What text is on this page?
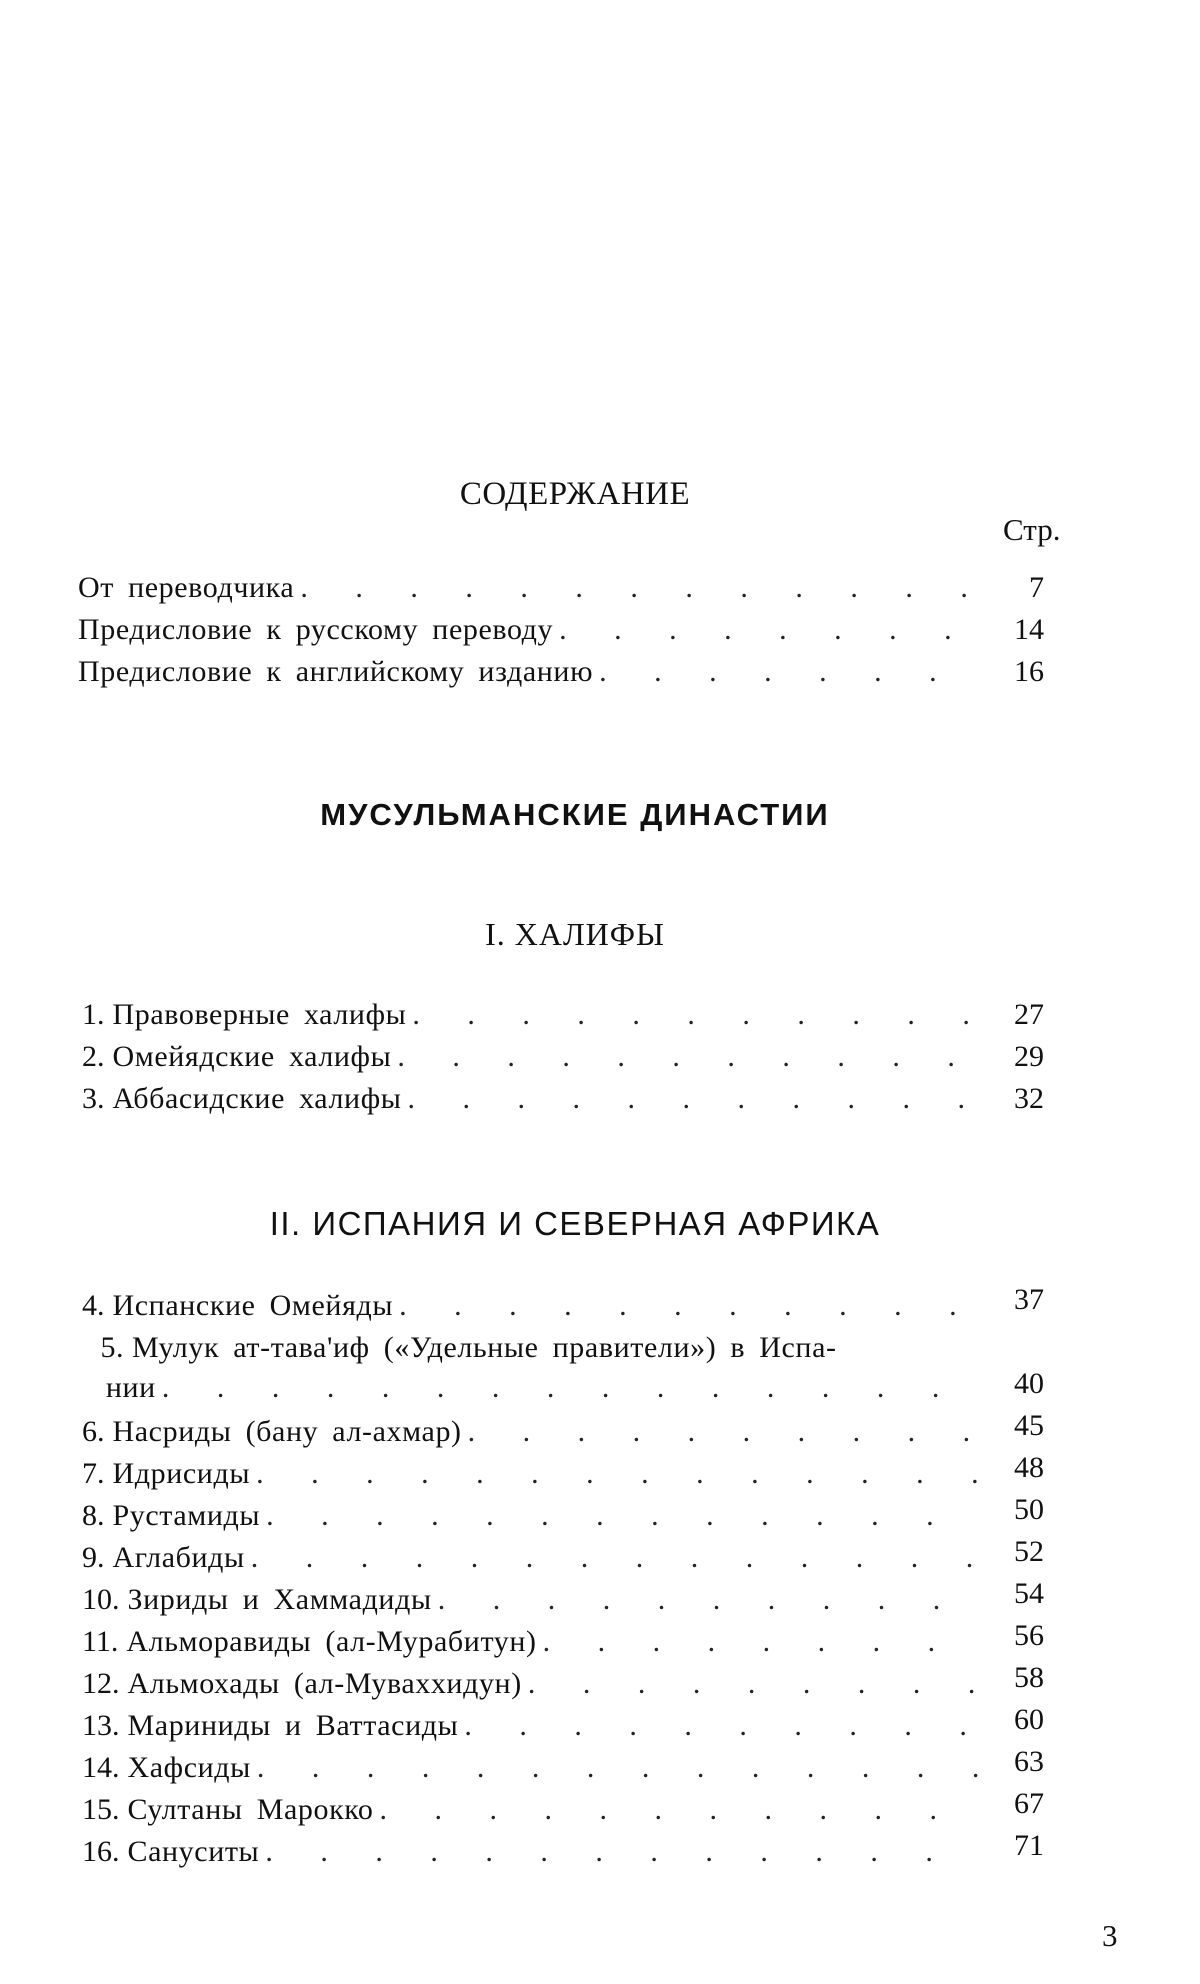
СОДЕРЖАНИЕ
Стр.
От переводчика . . .	7
Предисловие к русскому переводу . . .	14
Предисловие к английскому изданию . . .	16
МУСУЛЬМАНСКИЕ ДИНАСТИИ
I. ХАЛИФЫ
1. Правоверные халифы . . .	27
2. Омейядские халифы . . .	29
3. Аббасидские халифы . . .	32
II. ИСПАНИЯ И СЕВЕРНАЯ АФРИКА
4. Испанские Омейяды . . .	37
5. Мулук ат-тава'иф («Удельные правители») в Испа-
нии . . .	40
6. Насриды (бану ал-ахмар) . . .	45
7. Идрисиды . . .	48
8. Рустамиды . . .	50
9. Аглабиды . . .	52
10. Зириды и Хаммадиды . . .	54
11. Альморавиды (ал-Мурабитун) . . .	56
12. Альмохады (ал-Муваххидун) . . .	58
13. Мариниды и Ваттасиды . . .	60
14. Хафсиды . . .	63
15. Султаны Марокко . . .	67
16. Сануситы . . .	71
3
